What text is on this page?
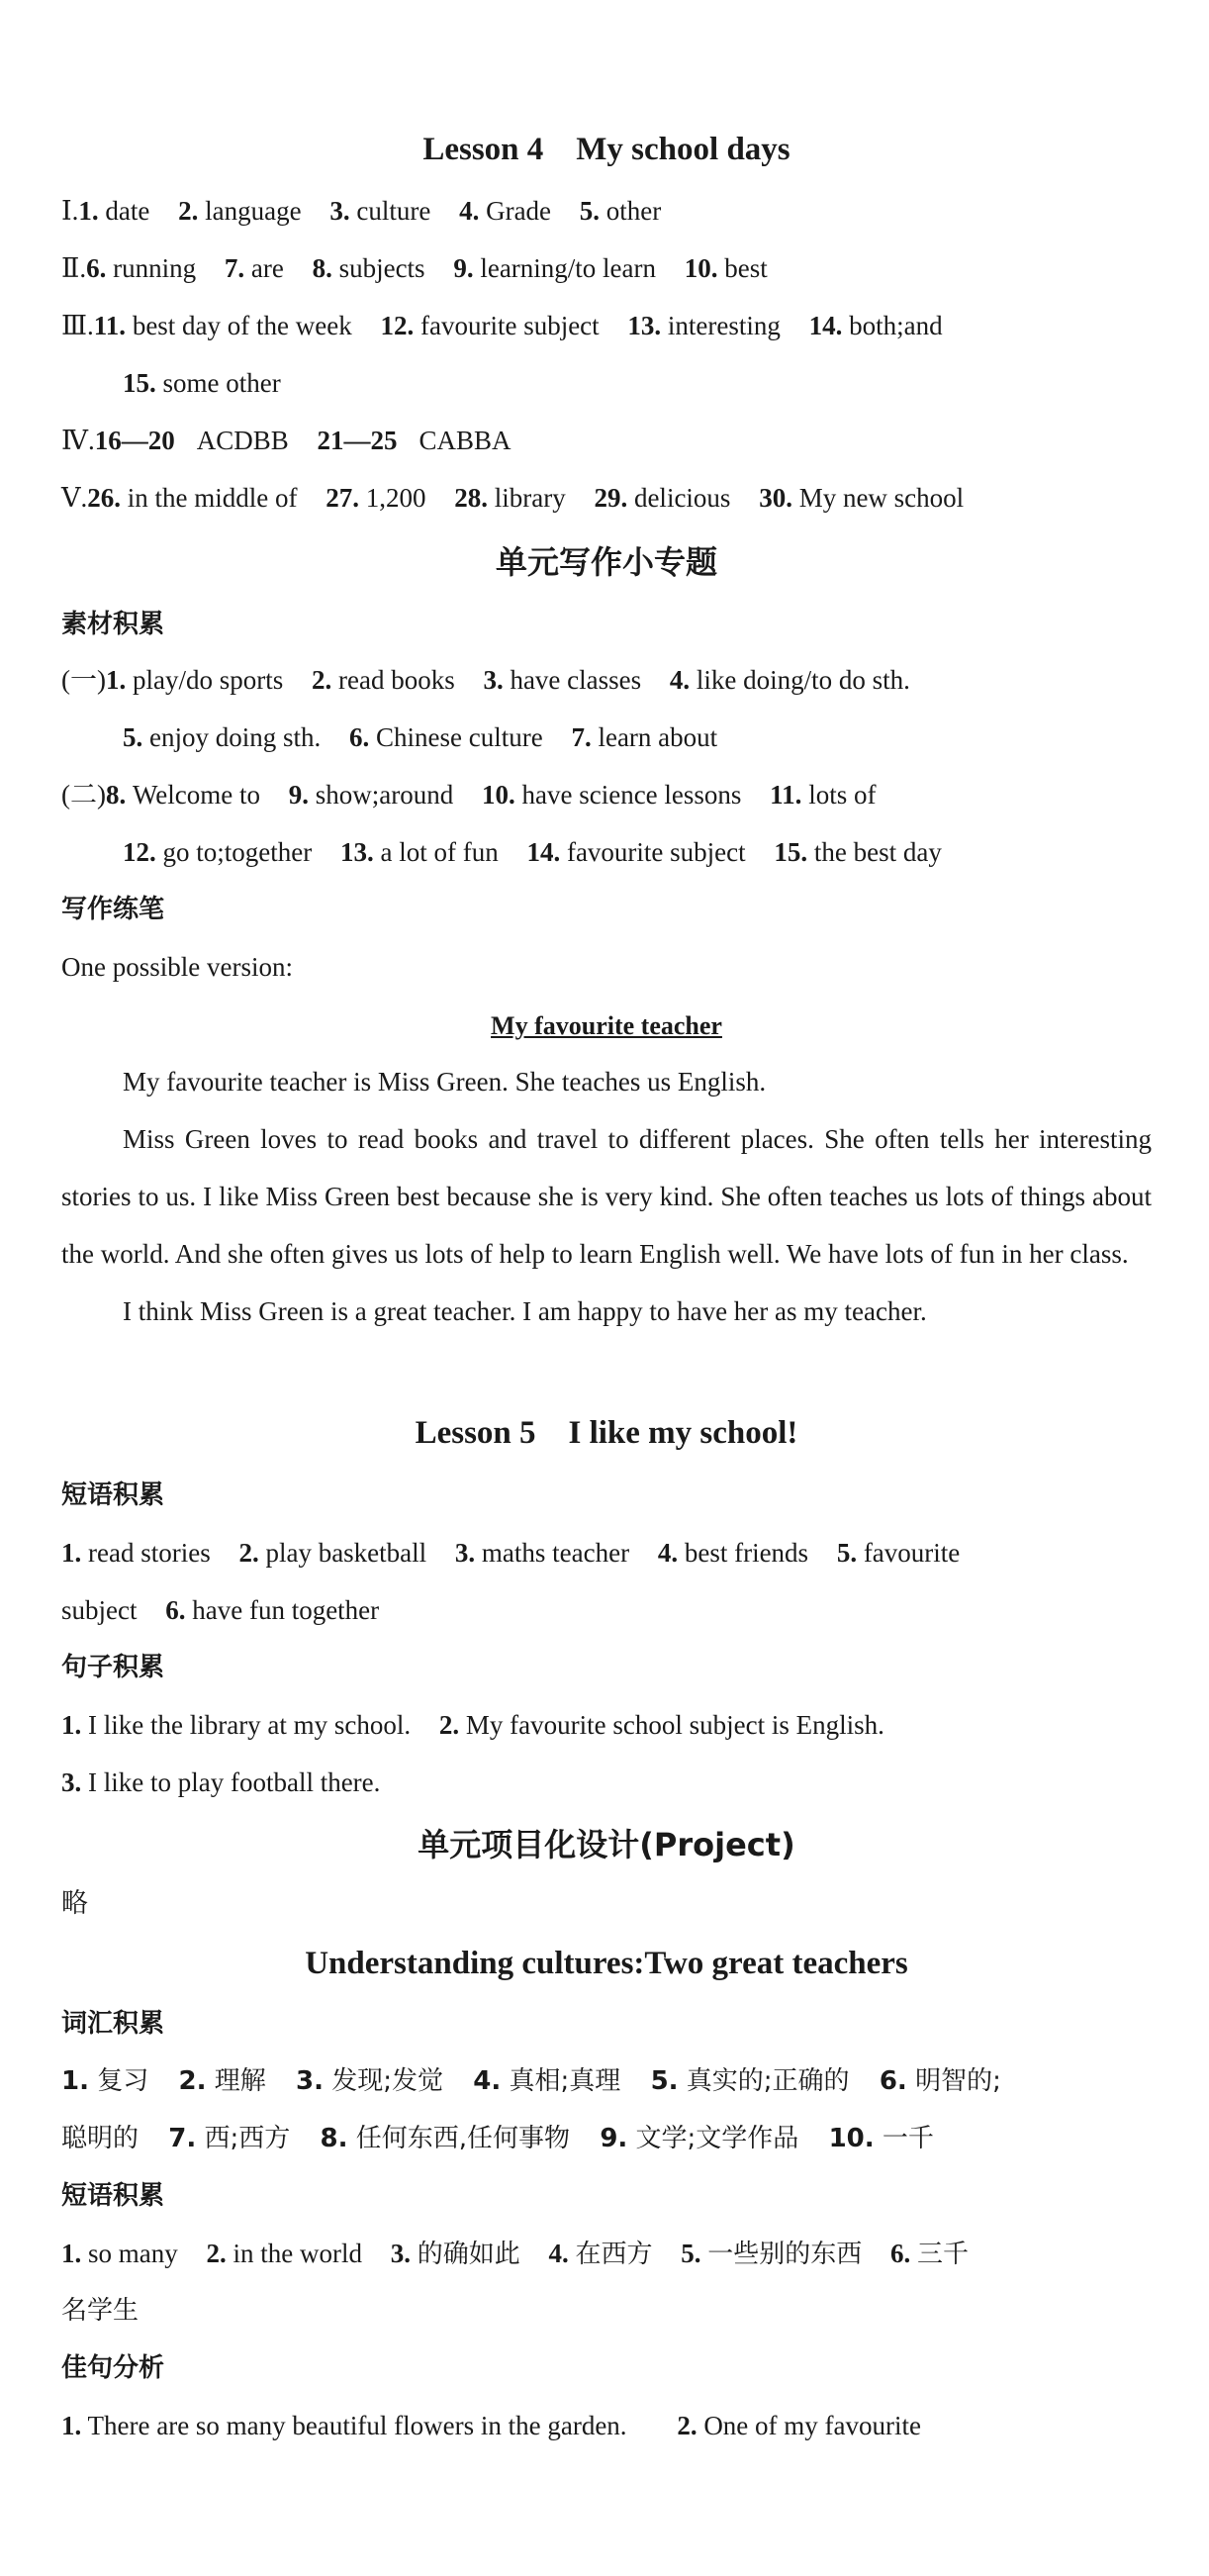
Lesson 4　My school days
Ⅰ.1. date 2. language 3. culture 4. Grade 5. other
Ⅱ.6. running 7. are 8. subjects 9. learning/to learn 10. best
Ⅲ.11. best day of the week 12. favourite subject 13. interesting 14. both;and
15. some other
Ⅳ.16—20 ACDBB 21—25 CABBA
Ⅴ.26. in the middle of 27. 1,200 28. library 29. delicious 30. My new school
单元写作小专题
素材积累
(一)1. play/do sports 2. read books 3. have classes 4. like doing/to do sth.
5. enjoy doing sth. 6. Chinese culture 7. learn about
(二)8. Welcome to 9. show;around 10. have science lessons 11. lots of
12. go to;together 13. a lot of fun 14. favourite subject 15. the best day
写作练笔
One possible version:
My favourite teacher
My favourite teacher is Miss Green. She teaches us English.
Miss Green loves to read books and travel to different places. She often tells her interesting stories to us. I like Miss Green best because she is very kind. She often teaches us lots of things about the world. And she often gives us lots of help to learn English well. We have lots of fun in her class.
I think Miss Green is a great teacher. I am happy to have her as my teacher.
Lesson 5　I like my school!
短语积累
1. read stories 2. play basketball 3. maths teacher 4. best friends 5. favourite
subject 6. have fun together
句子积累
1. I like the library at my school. 2. My favourite school subject is English.
3. I like to play football there.
单元项目化设计(Project)
略
Understanding cultures:Two great teachers
词汇积累
1. 复习 2. 理解 3. 发现;发觉 4. 真相;真理 5. 真实的;正确的 6. 明智的;
聪明的 7. 西;西方 8. 任何东西,任何事物 9. 文学;文学作品 10. 一千
短语积累
1. so many 2. in the world 3. 的确如此 4. 在西方 5. 一些别的东西 6. 三千
名学生
佳句分析
1. There are so many beautiful flowers in the garden. 2. One of my favourite
